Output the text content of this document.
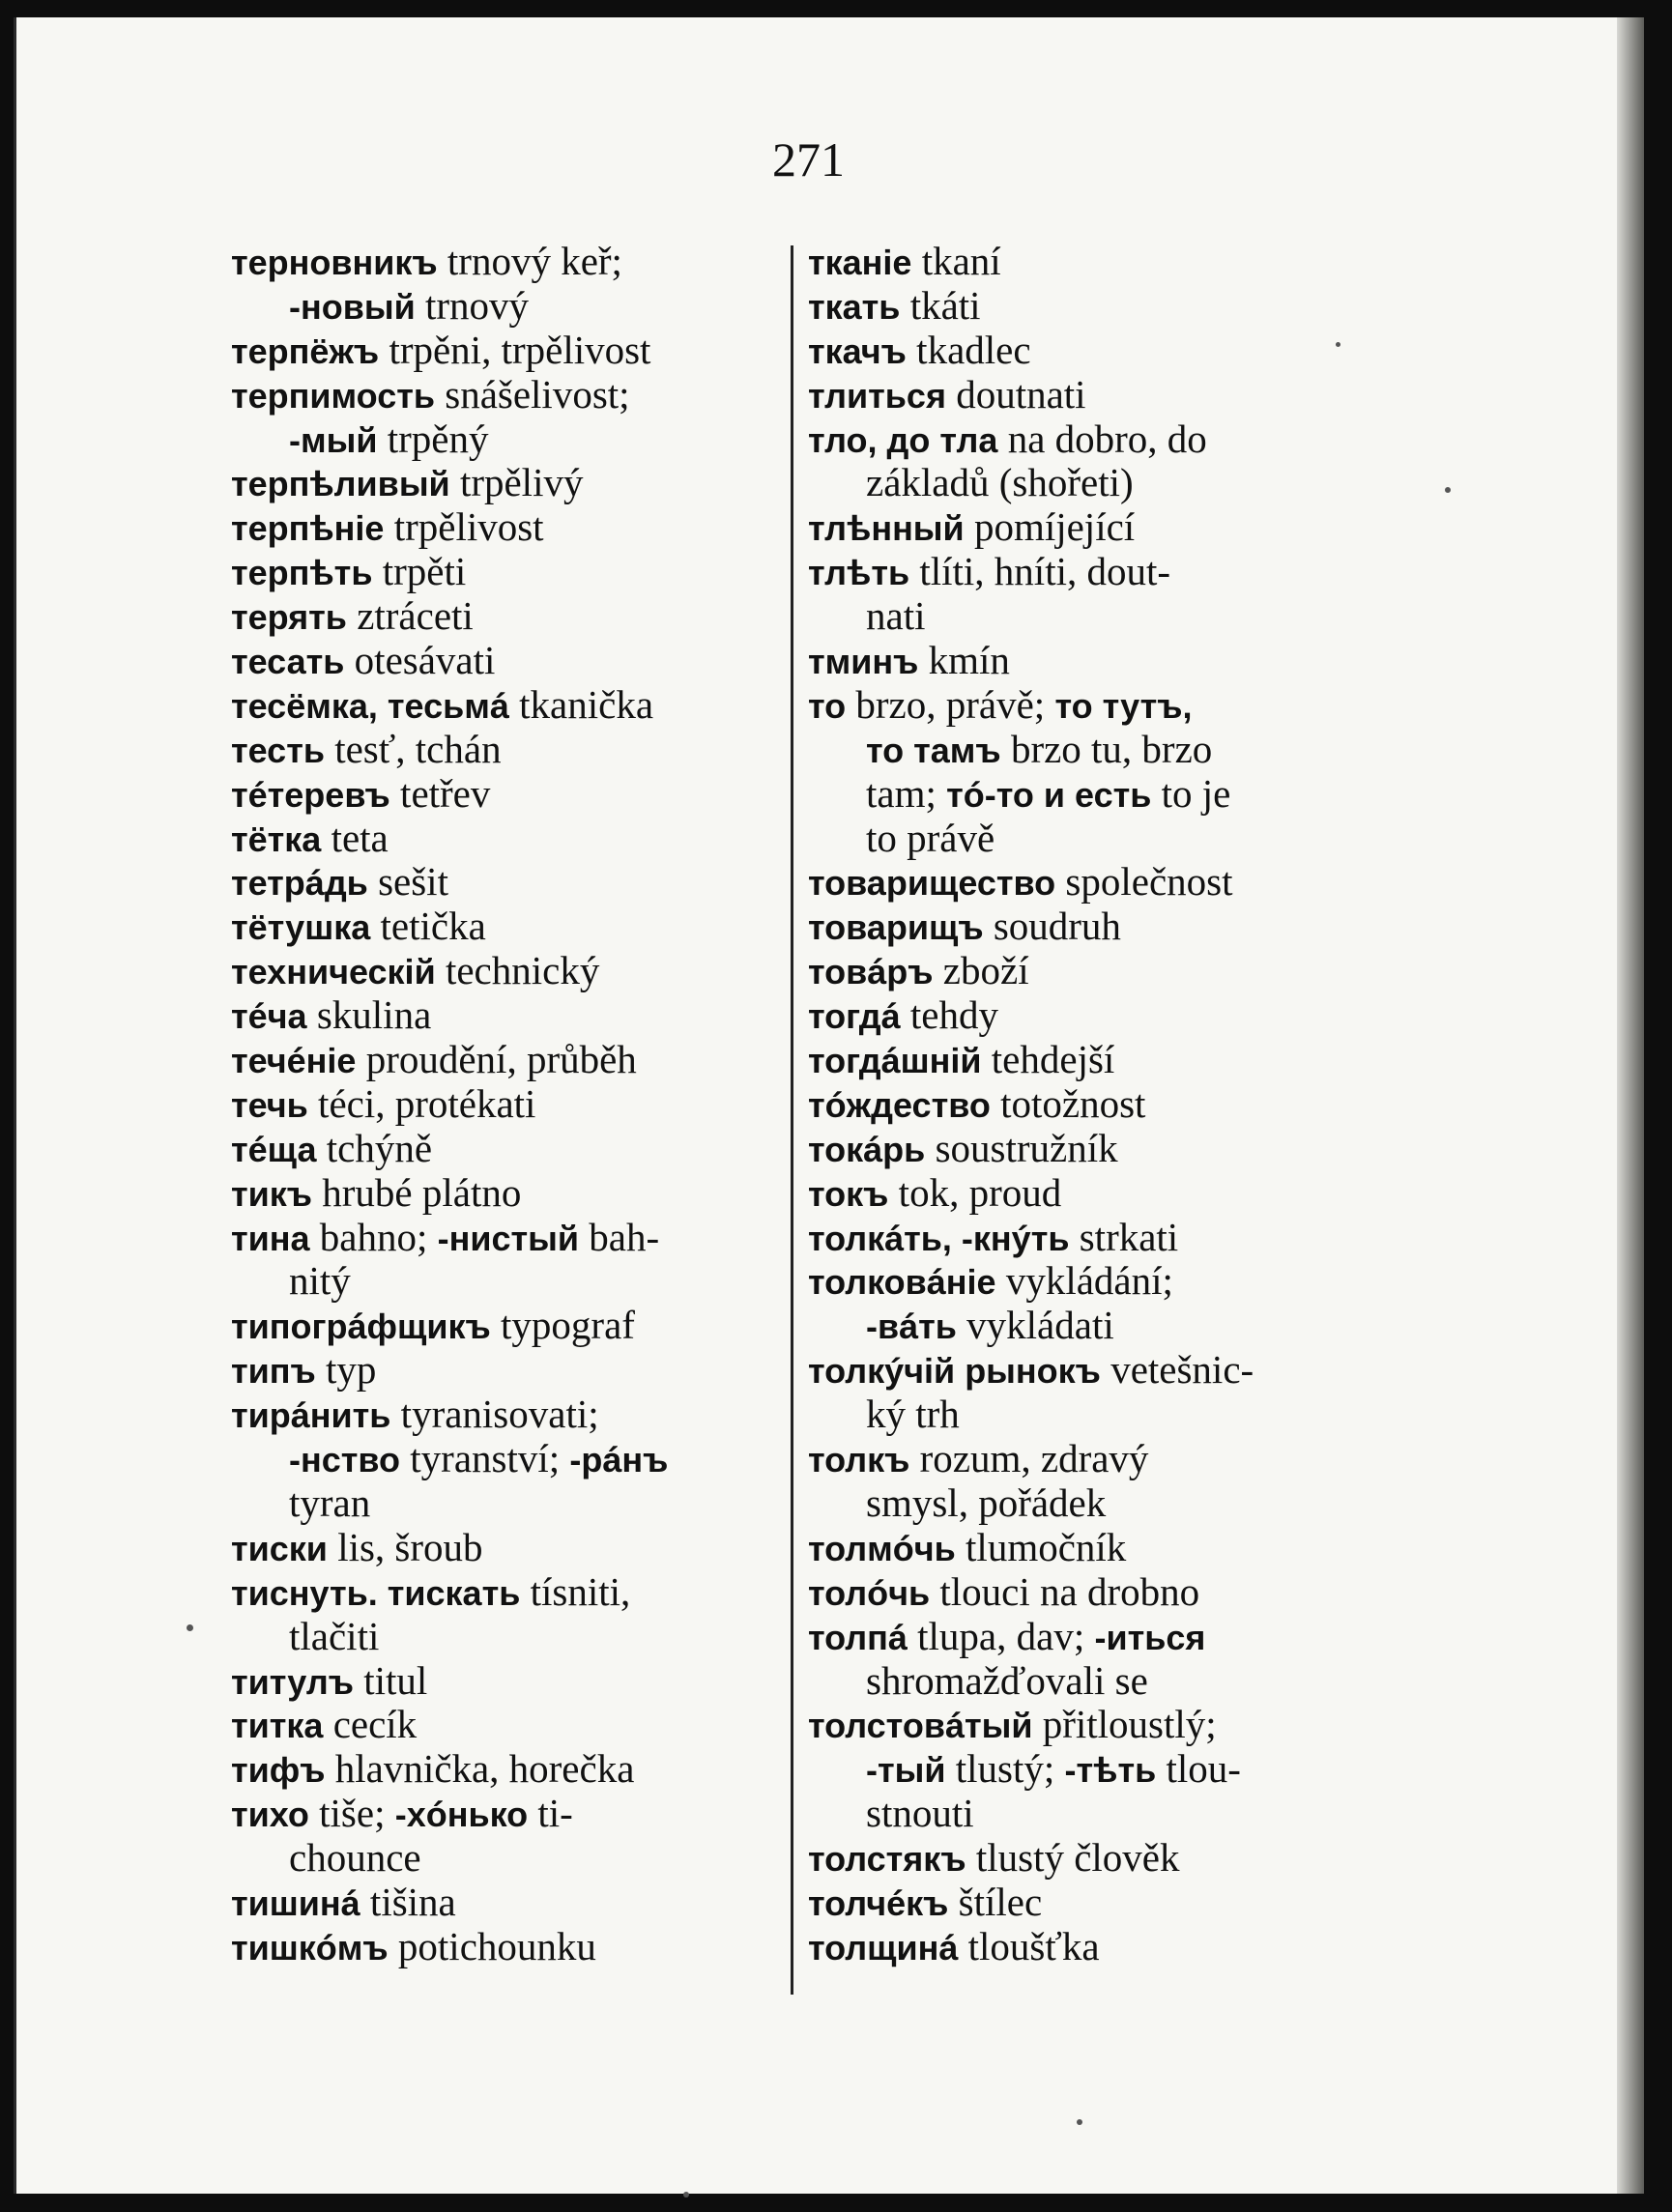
271
терновникъ trnový keř;
-новый trnový
терпёжъ trpěni, trpělivost
терпимость snášelivost;
-мый trpěný
терпѣливый trpělivý
терпѣніе trpělivost
терпѣть trpěti
терять ztráceti
тесать otesávati
тесёмка, тесьмá tkanička
тесть tesť, tchán
тéтеревъ tetřev
тётка teta
тетрáдь sešit
тётушка tetička
техническій technický
тéча skulina
течéніе proudění, průběh
течь téci, protékati
тéща tchýně
тикъ hrubé plátno
тина bahno; -нистый bah-
nitý
типогрáфщикъ typograf
типъ typ
тирáнить tyranisovati;
-нство tyranství; -рáнъ
tyran
тиски lis, šroub
тиснуть. тискать tísniti,
tlačiti
титулъ titul
титка cecík
тифъ hlavnička, horečka
тихо tiše; -хóнько ti-
chounce
тишинá tišina
тишкóмъ potichounku
тканіе tkaní
ткать tkáti
ткачъ tkadlec
тлиться doutnati
тло, до тла na dobro, do
základů (shořeti)
тлѣнный pomíjející
тлѣть tlíti, hníti, dout-
nati
тминъ kmín
то brzo, právě; то тутъ,
то тамъ brzo tu, brzo
tam; тó-то и есть to je
to právě
товарищество společnost
товарищъ soudruh
товáръ zboží
тогдá tehdy
тогдáшній tehdejší
тóждество totožnost
токáрь soustružník
токъ tok, proud
толкáть, -кнýть strkati
толковáніе vykládání;
-вáть vykládati
толкýчій рынокъ vetešnic-
ký trh
толкъ rozum, zdravý
smysl, pořádek
толмóчь tlumočník
толóчь tlouci na drobno
толпá tlupa, dav; -иться
shromažďovali se
толстовáтый přitloustlý;
-тый tlustý; -тѣть tlou-
stnouti
толстякъ tlustý člověk
толчéкъ štílec
толщинá tloušťka
